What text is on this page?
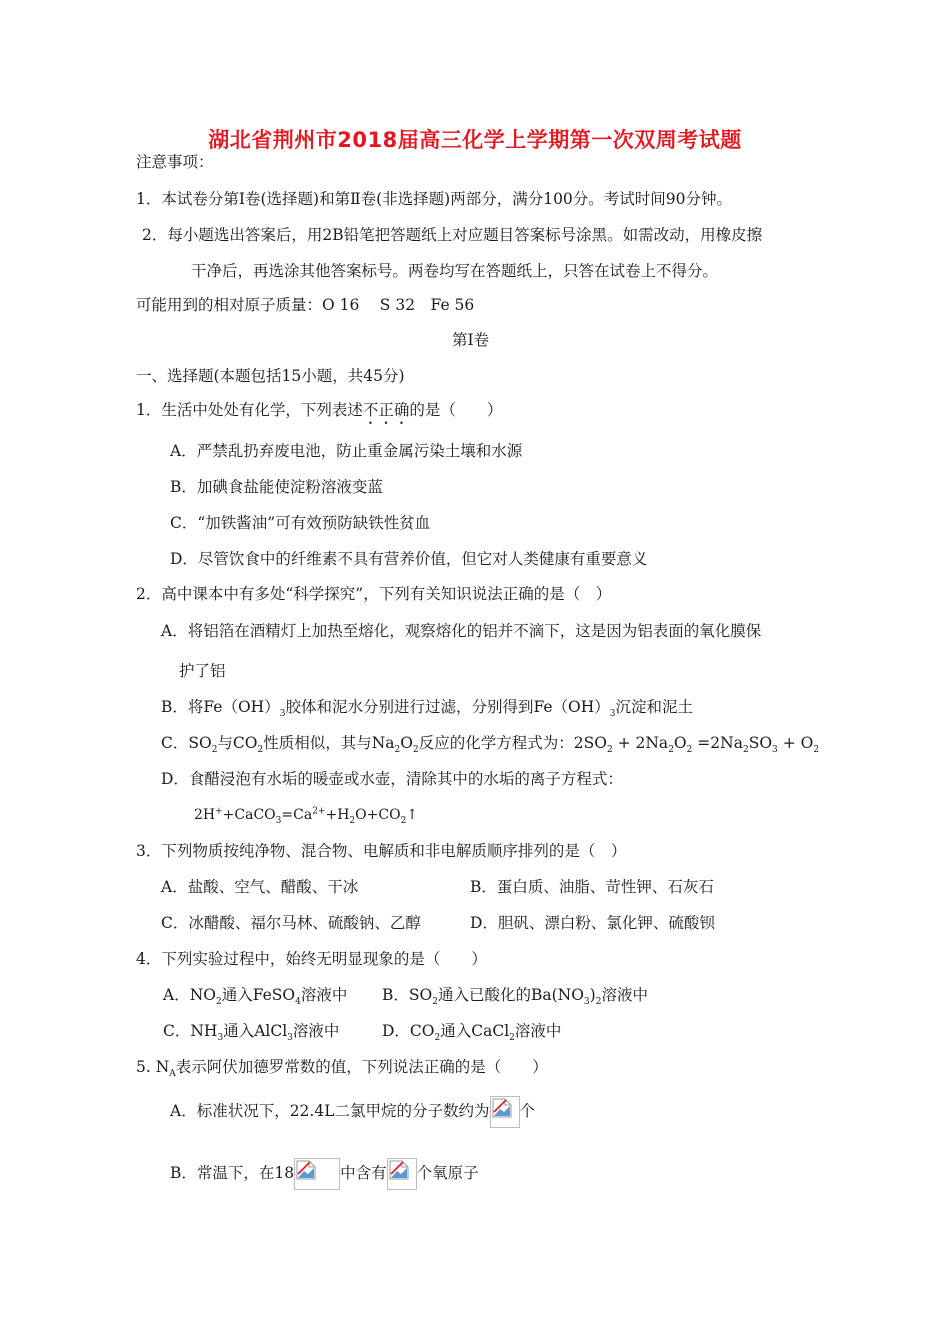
湖北省荆州市2018届高三化学上学期第一次双周考试题
注意事项：
1．本试卷分第Ⅰ卷(选择题)和第Ⅱ卷(非选择题)两部分，满分100分。考试时间90分钟。
2．每小题选出答案后，用2B铅笔把答题纸上对应题目答案标号涂黑。如需改动，用橡皮擦
干净后，再选涂其他答案标号。两卷均写在答题纸上，只答在试卷上不得分。
可能用到的相对原子质量：O 16　 S 32　Fe 56
第Ⅰ卷
一、选择题(本题包括15小题，共45分)
1．生活中处处有化学，下列表述不正确的是（　　）
A．严禁乱扔弃废电池，防止重金属污染土壤和水源
B．加碘食盐能使淀粉溶液变蓝
C．“加铁酱油”可有效预防缺铁性贫血
D．尽管饮食中的纤维素不具有营养价值，但它对人类健康有重要意义
2．高中课本中有多处“科学探究”，下列有关知识说法正确的是（　）
A．将铝箔在酒精灯上加热至熔化，观察熔化的铝并不滴下，这是因为铝表面的氧化膜保
护了铝
B．将$Fe(OH)_3$胶体和泥水分别进行过滤，分别得到$Fe(OH)_3$沉淀和泥土
C．$SO_2$与$CO_2$性质相似，其与$Na_2O_2$反应的化学方程式为：$2SO_2 + 2Na_2O_2 =2Na_2SO_3 + O_2$
D．食醋浸泡有水垢的暖壶或水壶，清除其中的水垢的离子方程式：
$2H^++CaCO_3=Ca^{2+}+H_2O+CO_2↑$
3．下列物质按纯净物、混合物、电解质和非电解质顺序排列的是（　）
A．盐酸、空气、醋酸、干冰	B．蛋白质、油脂、苛性钾、石灰石
C．冰醋酸、福尔马林、硫酸钠、乙醇	D．胆矾、漂白粉、氯化钾、硫酸钡
4．下列实验过程中，始终无明显现象的是（　　）
A．$NO_2$通入FeSO$_4$溶液中 B．$SO_2$通入已酸化的$Ba(NO_3)_2$溶液中
C．$NH_3$通入AlCl$_3$溶液中	D．$CO_2$通入CaCl$_2$溶液中
5. $N_A$表示阿伏加德罗常数的值，下列说法正确的是（　　）
A．标准状况下，22.4L二氯甲烷的分子数约为 个
B．常温下，在18	中含有 个氧原子
